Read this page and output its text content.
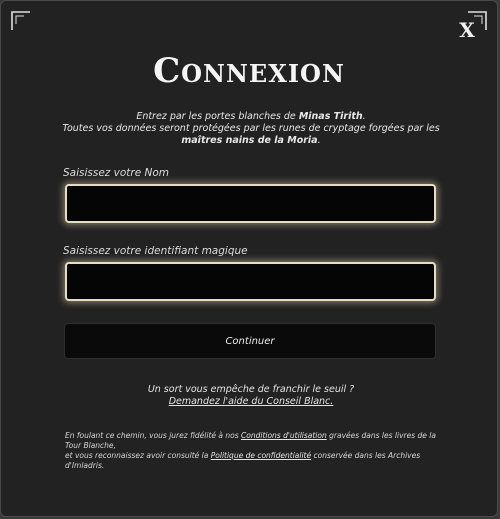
X
Connexion
Entrez par les portes blanches de Minas Tirith.
Toutes vos données seront protégées par les runes de cryptage forgées par les maîtres nains de la Moria.
Saisissez votre Nom
Saisissez votre identifiant magique
Continuer
Un sort vous empêche de franchir le seuil ?
Demandez l'aide du Conseil Blanc.

En foulant ce chemin, vous jurez fidélité à nos Conditions d'utilisation gravées dans les livres de la Tour Blanche,

et vous reconnaissez avoir consulté la Politique de confidentialité conservée dans les Archives d'Imladris.
